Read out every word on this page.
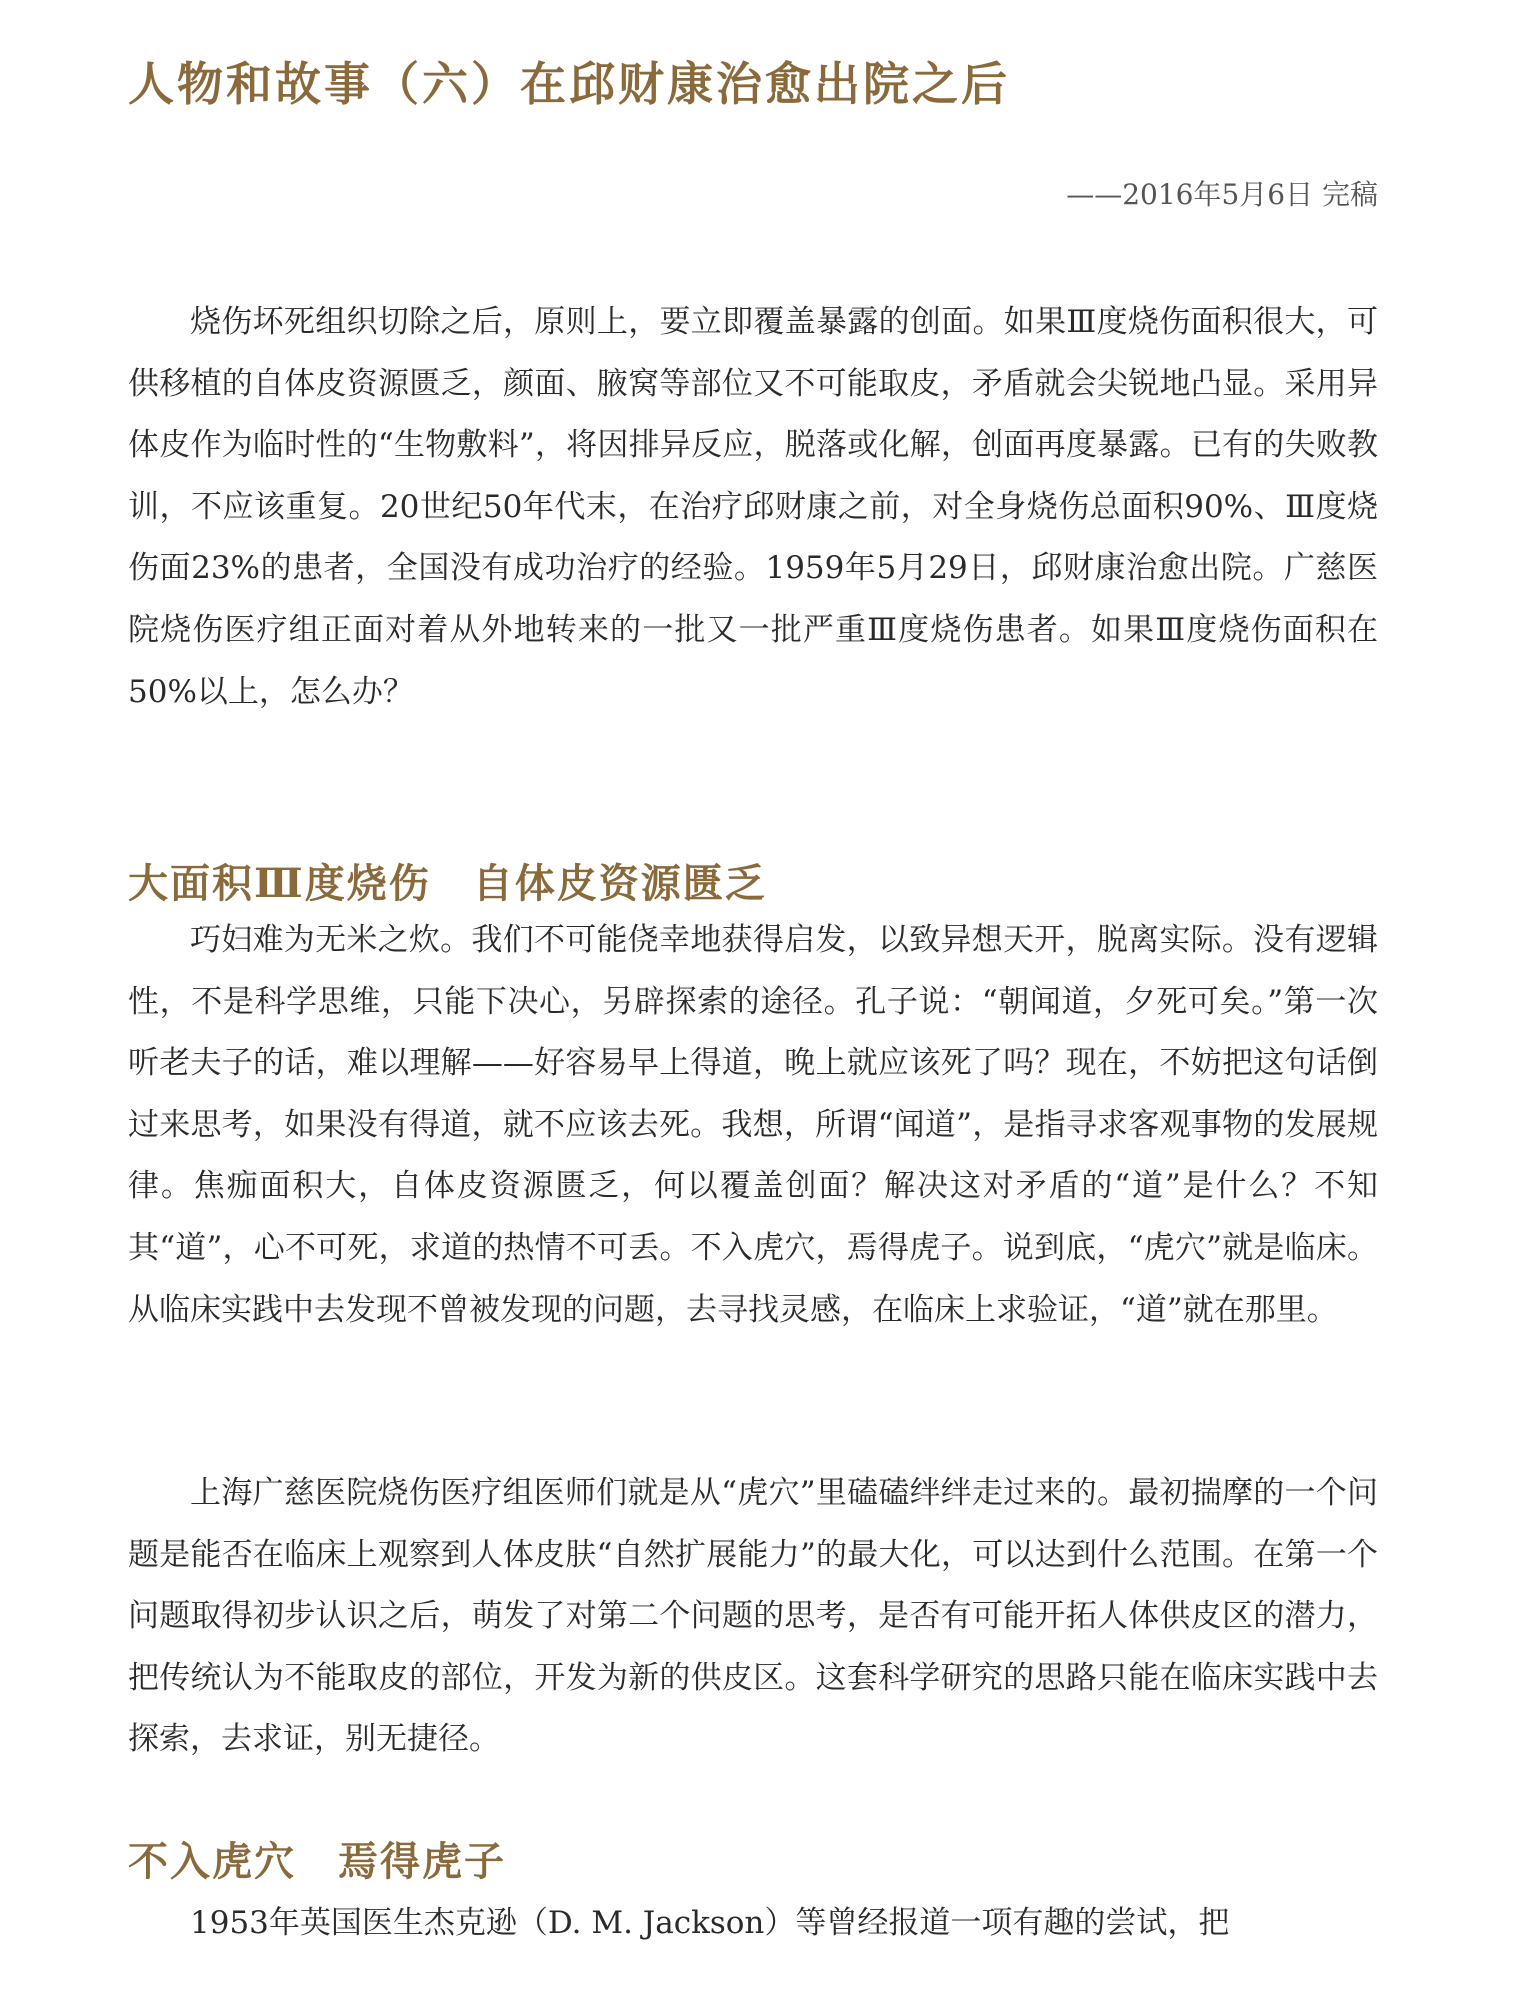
人物和故事（六）在邱财康治愈出院之后
——2016年5月6日 完稿

烧伤坏死组织切除之后，原则上，要立即覆盖暴露的创面。如果Ⅲ度烧伤面积很大，可供移植的自体皮资源匮乏，颜面、腋窝等部位又不可能取皮，矛盾就会尖锐地凸显。采用异体皮作为临时性的“生物敷料”，将因排异反应，脱落或化解，创面再度暴露。已有的失败教训，不应该重复。20世纪50年代末，在治疗邱财康之前，对全身烧伤总面积90%、Ⅲ度烧伤面23%的患者，全国没有成功治疗的经验。1959年5月29日，邱财康治愈出院。广慈医院烧伤医疗组正面对着从外地转来的一批又一批严重Ⅲ度烧伤患者。如果Ⅲ度烧伤面积在50%以上，怎么办？

大面积Ⅲ度烧伤　自体皮资源匮乏

巧妇难为无米之炊。我们不可能侥幸地获得启发，以致异想天开，脱离实际。没有逻辑性，不是科学思维，只能下决心，另辟探索的途径。孔子说：“朝闻道，夕死可矣。”第一次听老夫子的话，难以理解——好容易早上得道，晚上就应该死了吗？现在，不妨把这句话倒过来思考，如果没有得道，就不应该去死。我想，所谓“闻道”，是指寻求客观事物的发展规律。焦痂面积大，自体皮资源匮乏，何以覆盖创面？解决这对矛盾的“道”是什么？不知其“道”，心不可死，求道的热情不可丢。不入虎穴，焉得虎子。说到底，“虎穴”就是临床。从临床实践中去发现不曾被发现的问题，去寻找灵感，在临床上求验证，“道”就在那里。

上海广慈医院烧伤医疗组医师们就是从“虎穴”里磕磕绊绊走过来的。最初揣摩的一个问题是能否在临床上观察到人体皮肤“自然扩展能力”的最大化，可以达到什么范围。在第一个问题取得初步认识之后，萌发了对第二个问题的思考，是否有可能开拓人体供皮区的潜力，把传统认为不能取皮的部位，开发为新的供皮区。这套科学研究的思路只能在临床实践中去探索，去求证，别无捷径。

不入虎穴　焉得虎子

1953年英国医生杰克逊（D. M. Jackson）等曾经报道一项有趣的尝试，把
